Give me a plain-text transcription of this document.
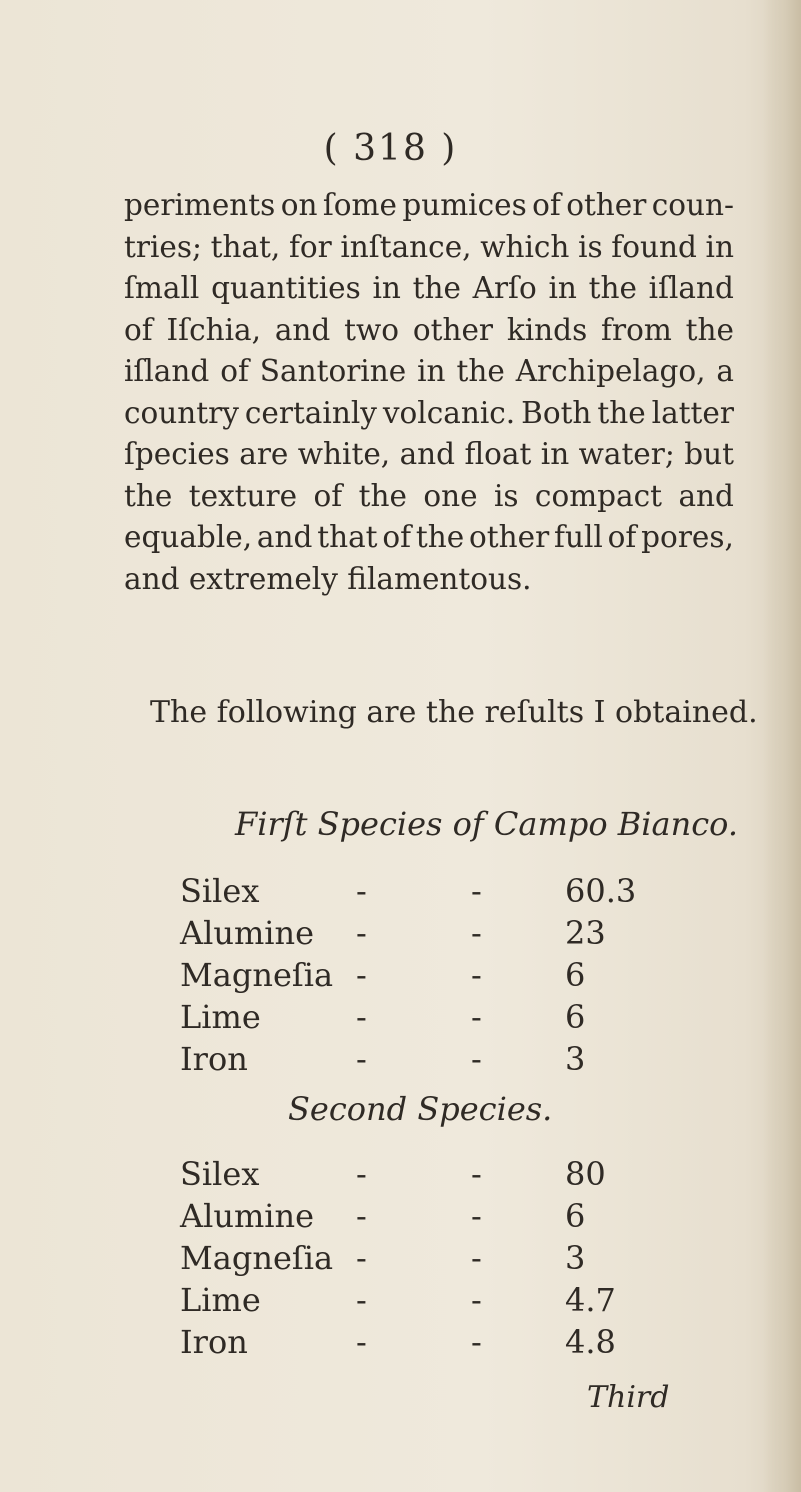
( 318 )
periments on ſome pumices of other coun-
tries; that, for inſtance, which is found in
ſmall quantities in the Arſo in the iſland
of Iſchia, and two other kinds from the
iſland of Santorine in the Archipelago, a
country certainly volcanic. Both the latter
ſpecies are white, and float in water; but
the texture of the one is compact and
equable, and that of the other full of pores,
and extremely filamentous.
The following are the reſults I obtained.
Firſt Species of Campo Bianco.
Silex	-	-	60.3
Alumine -	-	23
Magneſia -	-	6
Lime	-	-	6
Iron	-	-	3
Second Species.
Silex	-	-	80
Alumine -	-	6
Magneſia -	-	3
Lime	-	-	4.7
Iron	-	-	4.8
Third
